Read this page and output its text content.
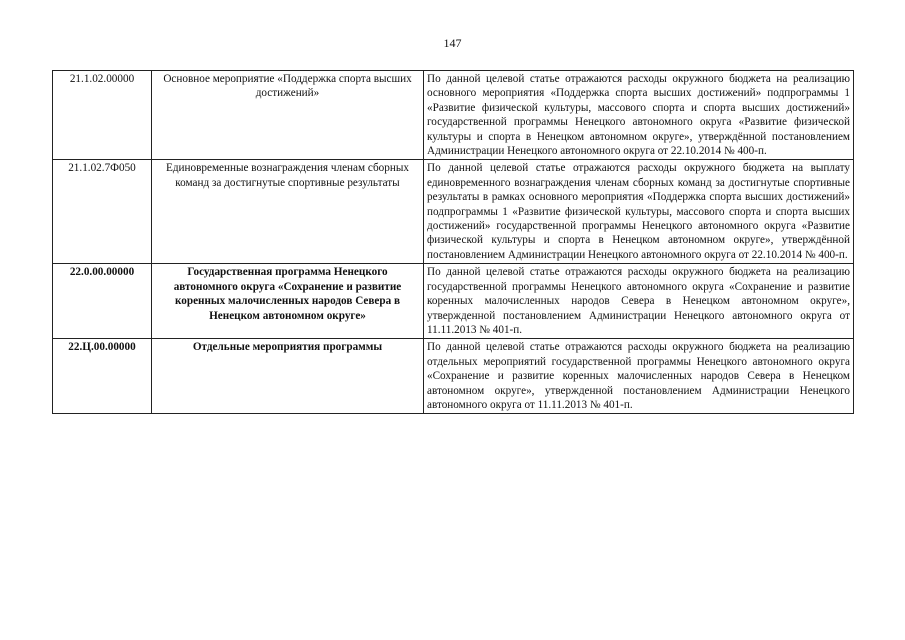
147
21.1.02.00000	Основное мероприятие «Поддержка спорта высших достижений»	По данной целевой статье отражаются расходы окружного бюджета на реализацию основного мероприятия «Поддержка спорта высших достижений» подпрограммы 1 «Развитие физической культуры, массового спорта и спорта высших достижений» государственной программы Ненецкого автономного округа «Развитие физической культуры и спорта в Ненецком автономном округе», утверждённой постановлением Администрации Ненецкого автономного округа от 22.10.2014 № 400-п.
21.1.02.7Ф050	Единовременные вознаграждения членам сборных команд за достигнутые спортивные результаты	По данной целевой статье отражаются расходы окружного бюджета на выплату единовременного вознаграждения членам сборных команд за достигнутые спортивные результаты в рамках основного мероприятия «Поддержка спорта высших достижений» подпрограммы 1 «Развитие физической культуры, массового спорта и спорта высших достижений» государственной программы Ненецкого автономного округа «Развитие физической культуры и спорта в Ненецком автономном округе», утверждённой постановлением Администрации Ненецкого автономного округа от 22.10.2014 № 400-п.
22.0.00.00000	Государственная программа Ненецкого автономного округа «Сохранение и развитие коренных малочисленных народов Севера в Ненецком автономном округе»	По данной целевой статье отражаются расходы окружного бюджета на реализацию государственной программы Ненецкого автономного округа «Сохранение и развитие коренных малочисленных народов Севера в Ненецком автономном округе», утвержденной постановлением Администрации Ненецкого автономного округа от 11.11.2013 № 401-п.
22.Ц.00.00000	Отдельные мероприятия программы	По данной целевой статье отражаются расходы окружного бюджета на реализацию отдельных мероприятий государственной программы Ненецкого автономного округа «Сохранение и развитие коренных малочисленных народов Севера в Ненецком автономном округе», утвержденной постановлением Администрации Ненецкого автономного округа от 11.11.2013 № 401-п.
